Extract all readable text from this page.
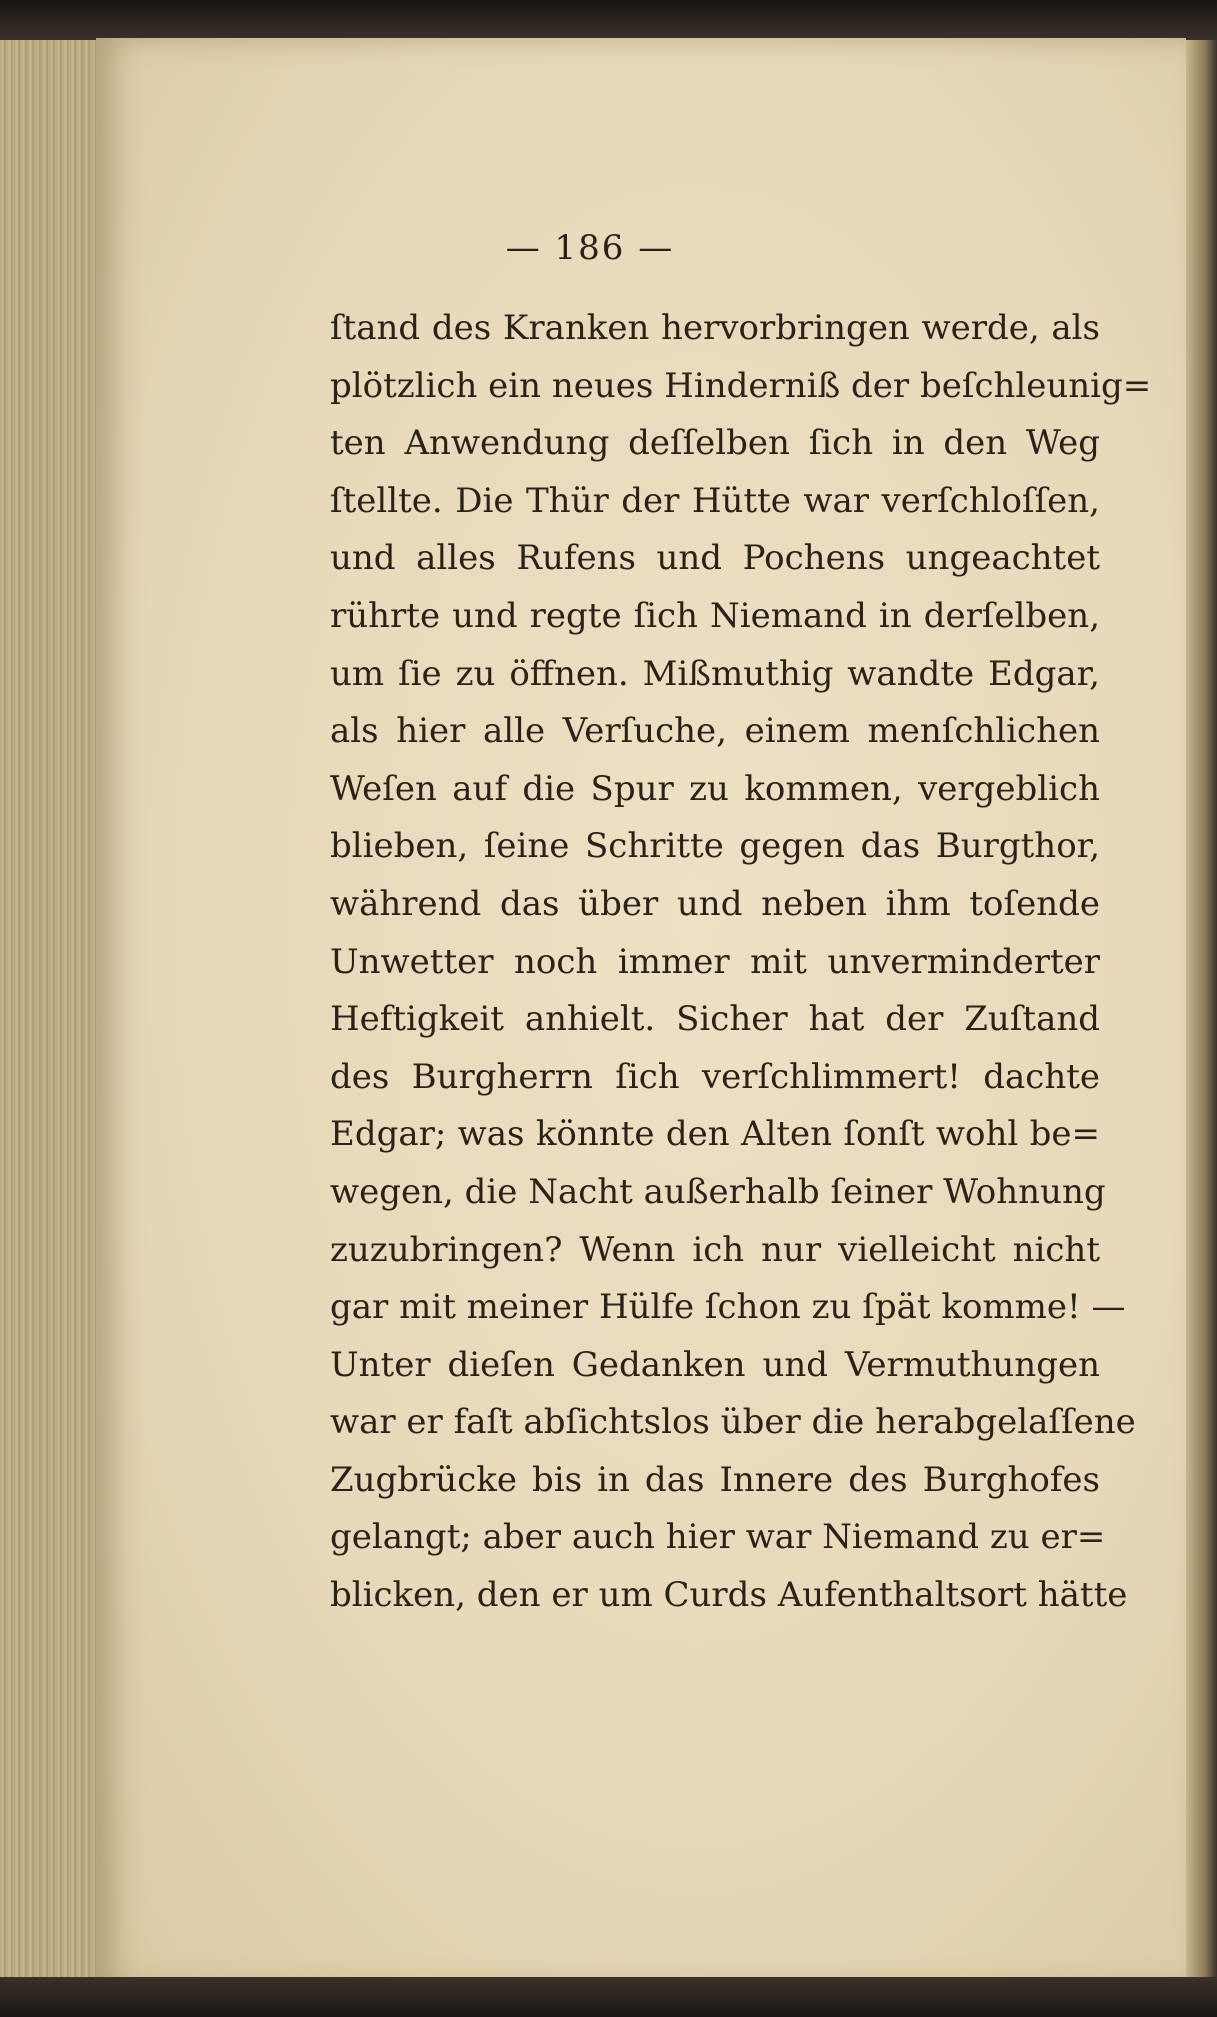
— 186 —
ſtand des Kranken hervorbringen werde, als
plötzlich ein neues Hinderniß der beſchleunig=
ten Anwendung deſſelben ſich in den Weg
ſtellte. Die Thür der Hütte war verſchloſſen,
und alles Rufens und Pochens ungeachtet
rührte und regte ſich Niemand in derſelben,
um ſie zu öffnen. Mißmuthig wandte Edgar,
als hier alle Verſuche, einem menſchlichen
Weſen auf die Spur zu kommen, vergeblich
blieben, ſeine Schritte gegen das Burgthor,
während das über und neben ihm toſende
Unwetter noch immer mit unverminderter
Heftigkeit anhielt. Sicher hat der Zuſtand
des Burgherrn ſich verſchlimmert! dachte
Edgar; was könnte den Alten ſonſt wohl be=
wegen, die Nacht außerhalb ſeiner Wohnung
zuzubringen? Wenn ich nur vielleicht nicht
gar mit meiner Hülfe ſchon zu ſpät komme! —
Unter dieſen Gedanken und Vermuthungen
war er faſt abſichtslos über die herabgelaſſene
Zugbrücke bis in das Innere des Burghofes
gelangt; aber auch hier war Niemand zu er=
blicken, den er um Curds Aufenthaltsort hätte
